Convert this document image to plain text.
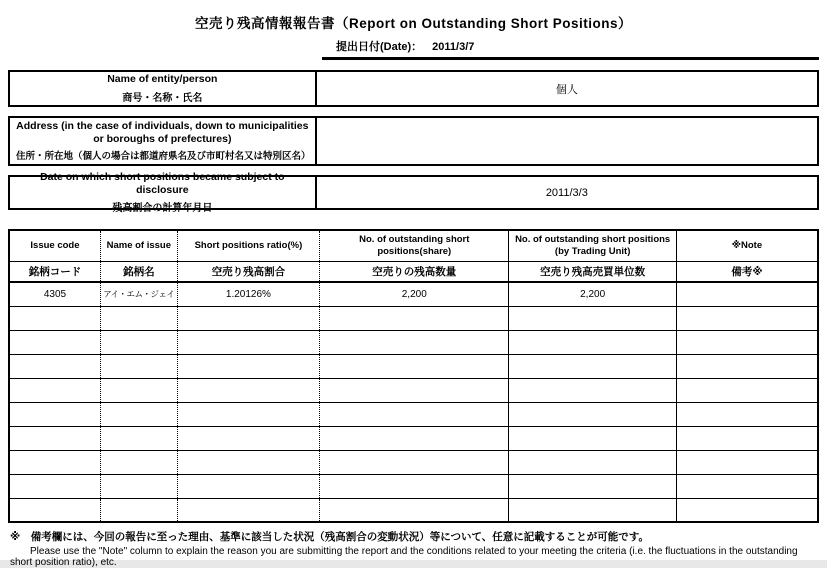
空売り残高情報報告書（Report on Outstanding Short Positions）
提出日付(Date)： 2011/3/7
Name of entity/person
商号・名称・氏名
個人
Address (in the case of individuals, down to municipalities or boroughs of prefectures)
住所・所在地（個人の場合は都道府県名及び市町村名又は特別区名）
Date on which short positions became subject to disclosure
残高割合の計算年月日
2011/3/3
Issue code	Name of issue	Short positions ratio(%)	No. of outstanding short positions(share)	No. of outstanding short positions (by Trading Unit)	※Note
銘柄コード	銘柄名	空売り残高割合	空売りの残高数量	空売り残高売買単位数	備考※
4305	アイ・エム・ジェイ	1.20126%	2,200	2,200	

※　備考欄には、今回の報告に至った理由、基準に該当した状況（残高割合の変動状況）等について、任意に記載することが可能です。
Please use the "Note" column to explain the reason you are submitting the report and the conditions related to your meeting the criteria (i.e. the fluctuations in the outstanding
short position ratio), etc.
